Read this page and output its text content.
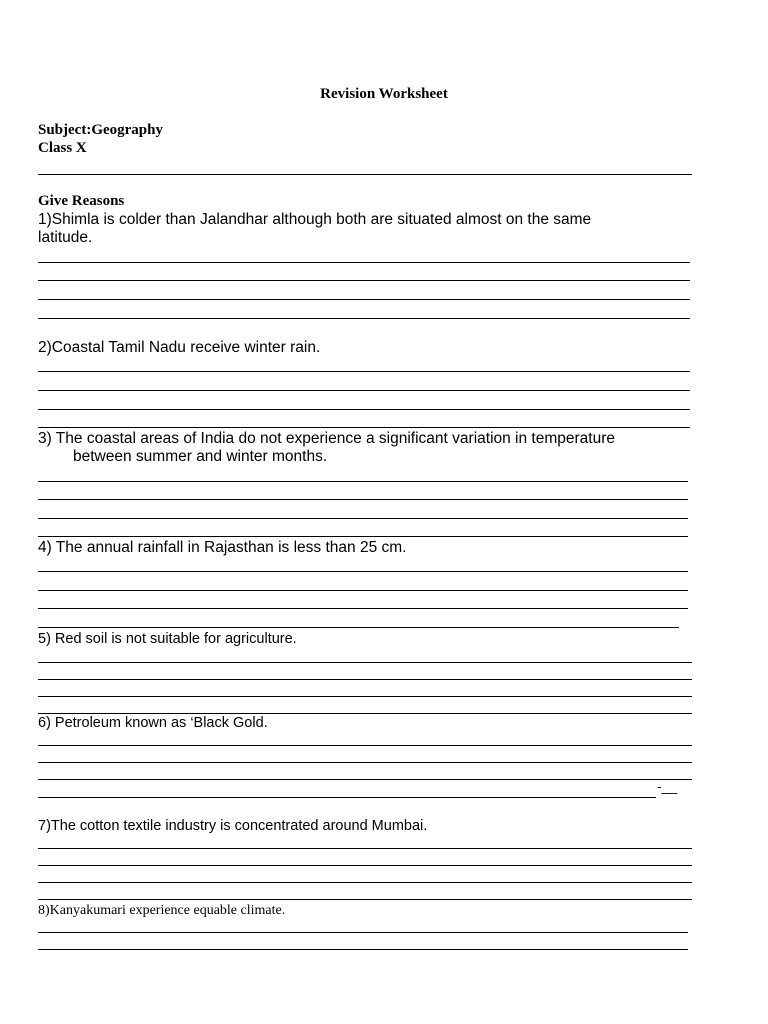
Revision Worksheet
Subject:Geography
Class X
Give Reasons
1)Shimla is colder than Jalandhar although both are situated almost on the same
latitude.
2)Coastal Tamil Nadu receive winter rain.
3) The coastal areas of India do not experience a significant variation in temperature
between summer and winter months.
4) The annual rainfall in Rajasthan is less than 25 cm.
5) Red soil is not suitable for agriculture.
6) Petroleum known as ‘Black Gold.
-__
7)The cotton textile industry is concentrated around Mumbai.
8)Kanyakumari experience equable climate.
